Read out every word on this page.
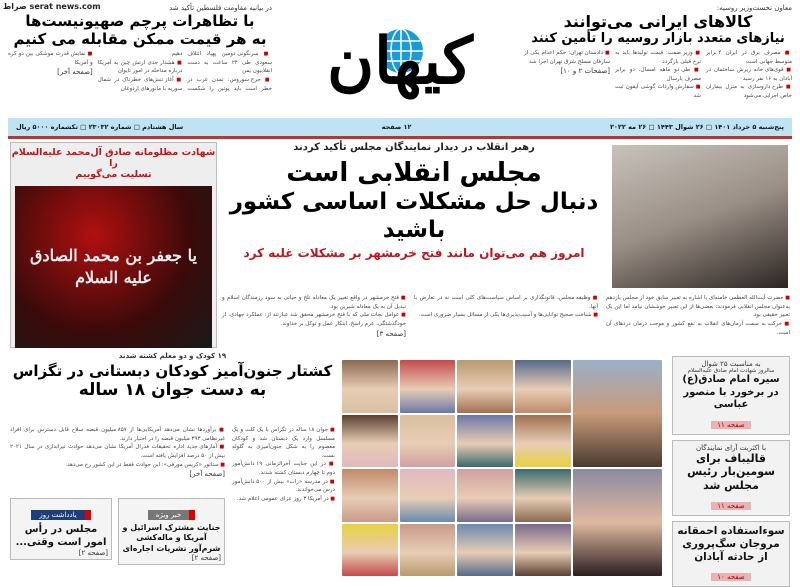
صراط serat news.com
کیهان
معاون نخست‌وزیر روسیه:
کالاهای ایرانی می‌توانند
نیازهای متعدد بازار روسیه را تأمین کنند

■ مصرف برق در ایران ۴ برابر متوسط جهانی است

■ قوی‌های خانه زیرش ساختمان در آبادان به ۱۶ نفر رسید

■ طرح داروسازی به منزل بیماران خاص اجرایی می‌شود

■ وزیر صمت: قیمت تولیدها باید به نرخ قبلی بازگردد

■ طی دو ماهه امسال، دو برابر مصرف پارسال

■ سفارش واردات گوشی آیفون ثبت شد

■ دادستان تهران: حکم اعدام یکی از سارقان مسلح شرق تهران اجرا شد

[صفحات ۲ و ۱۰]
در بیانیه مقاومت فلسطین تأکید شد
با تظاهرات پرچم صهیونیست‌ها
به هر قیمت ممکن مقابله می کنیم

■ سرنگونی دومین پهپاد ائتلاف سعودی طی ۲۴ ساعت به دست انقلابیون یمن

■ جرج سوروس: تمدن غرب در خطر است باید پوتین را شکست دهیم

■ هشدار جدی ارتش چین به آمریکا درباره مداخله در امور تایوان

■ آغاز تنش‌های خطرناک در شمال سوریه با مانورهای اردوغان

■ نمایش قدرت موشکی بین دو کره و آمریکا

[صفحه آخر]
پنج‌شنبه ۵ خرداد ۱۴۰۱ □ ۲۶ شوال ۱۴۴۳ □ ۲۶ مه ۲۰۲۲
۱۲ صفحه
سال هشتادم □ شماره ۲۳۰۳۲ □ تکشماره ۵۰۰۰ ریال
شهادت مظلومانه صادق آل‌محمد علیه‌السلام را
تسلیت می‌گوییم
یا جعفر بن محمد الصادق علیه السلام
رهبر انقلاب در دیدار نمایندگان مجلس تأکید کردند
مجلس انقلابی است
دنبال حل مشکلات اساسی کشور باشید
امروز هم می‌توان مانند فتح خرمشهر بر مشکلات غلبه کرد

■ حضرت آیت‌الله العظمی خامنه‌ای با اشاره به تعبیر سابق خود از مجلس یازدهم به‌عنوان مجلس انقلابی فرمودند: بعضی‌ها از این تعبیر خوششان نیامد اما این یک تعبیر حقیقی بود.

■ حرکت به سمت آرمان‌های انقلاب به نفع کشور و موجب درمان دردهای آن است.

■ وظیفه مجلس، قانونگذاری بر اساس سیاست‌های کلی است نه در تعارض با آنها.

■ شناخت صحیح توانایی‌ها و آسیب‌پذیری‌ها یکی از مسائل بسیار ضروری است.

■ فتح خرمشهر در واقع تغییر یک معادله تلخ و حیاتی به سود رزمندگان اسلام و تبدیل آن به یک معادله شیرین بود.

■ عوامل نجات ملی که با فتح خرمشهر محقق شد عبارتند از: عملکرد جهادی، از خودگذشتگی، عزم راسخ، ابتکار عمل و توکل بر خداوند.

[صفحه ۳]
۱۹ کودک و دو معلم کشته شدند
کشتار جنون‌آمیز کودکان دبستانی در تگزاس
به دست جوان ۱۸ ساله

■ جوان ۱۸ ساله در تگزاس با یک کلت و یک مسلسل وارد یک دبستان شد و کودکان معصوم را به شکل جنون‌آمیزی به گلوله بست.

■ در این جنایت آخرالزمانی ۱۹ دانش‌آموز دوم تا چهارم دبستان کشته شدند.

■ در مدرسه «راب» بیش از ۵۰۰ دانش‌آموز درس می‌خواندند.

■ در آمریکا ۳ روز عزای عمومی اعلام شد.

■ برآوردها نشان می‌دهد آمریکایی‌ها از ۸۵۷ میلیون قبضه سلاح قابل دسترس برای افراد غیرنظامی ۳۹۳ میلیون قبضه را در اختیار دارند.

■ آمارهای جدید اداره تحقیقات فدرال آمریکا نشان می‌دهد حوادث تیراندازی در سال ۲۰۲۱ بیش از ۵۰ درصد افزایش یافته است.

■ سناتور «کریس مورفی»: این حوادث فقط در این کشور رخ می‌دهد.

[صفحه آخر]
خبر ویژه
جنایت مشترک اسرائیل و آمریکا و ماله‌کشی شرم‌آور نشریات اجاره‌ای
[صفحه ۲]
یادداشت روز
مجلس در رأس امور است وقتی...
[صفحه ۲]
به مناسبت ۲۵ شوال
سالروز شهادت امام صادق علیه‌السلام
سیره امام صادق(ع) در برخورد با منصور عباسی
صفحه ۱۱
با اکثریت آرای نمایندگان
قالیباف برای سومین‌بار رئیس مجلس شد
صفحه ۱۱
سوءاستفاده احمقانه مروجان سگ‌پروری از حادثه آبادان
صفحه ۱۰
